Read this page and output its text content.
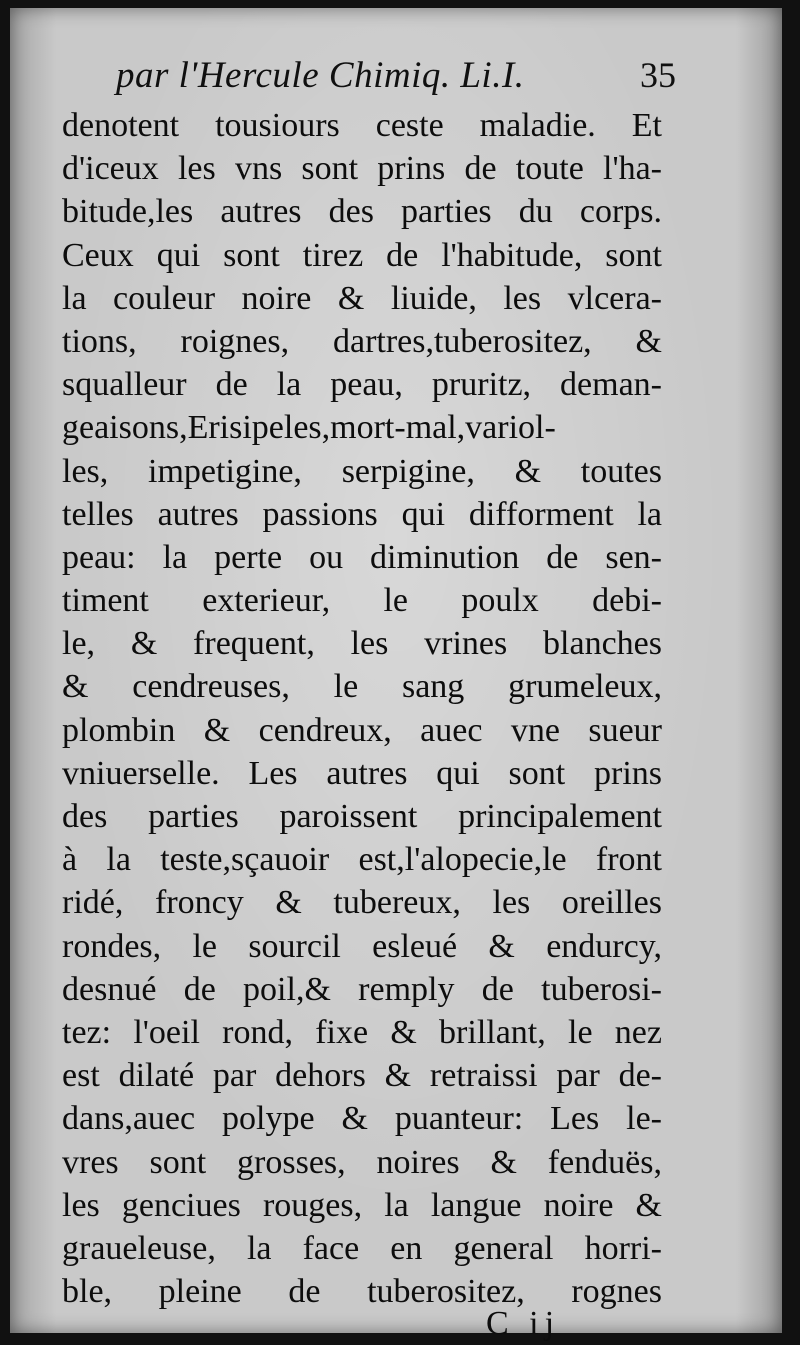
par l'Hercule Chimiq. Li.I.	35
denotent tousiours ceste maladie. Et
d'iceux les vns sont prins de toute l'ha-
bitude,les autres des parties du corps.
Ceux qui sont tirez de l'habitude, sont
la couleur noire & liuide, les vlcera-
tions, roignes, dartres,tuberositez, &
squalleur de la peau, pruritz, deman-
geaisons,Erisipeles,mort-mal,variol-
les, impetigine, serpigine, & toutes
telles autres passions qui difforment la
peau: la perte ou diminution de sen-
timent exterieur, le poulx debi-
le, & frequent, les vrines blanches
& cendreuses, le sang grumeleux,
plombin & cendreux, auec vne sueur
vniuerselle. Les autres qui sont prins
des parties paroissent principalement
à la teste,sçauoir est,l'alopecie,le front
ridé, froncy & tubereux, les oreilles
rondes, le sourcil esleué & endurcy,
desnué de poil,& remply de tuberosi-
tez: l'oeil rond, fixe & brillant, le nez
est dilaté par dehors & retraissi par de-
dans,auec polype & puanteur: Les le-
vres sont grosses, noires & fenduës,
les genciues rouges, la langue noire &
graueleuse, la face en general horri-
ble, pleine de tuberositez, rognes
C ij
